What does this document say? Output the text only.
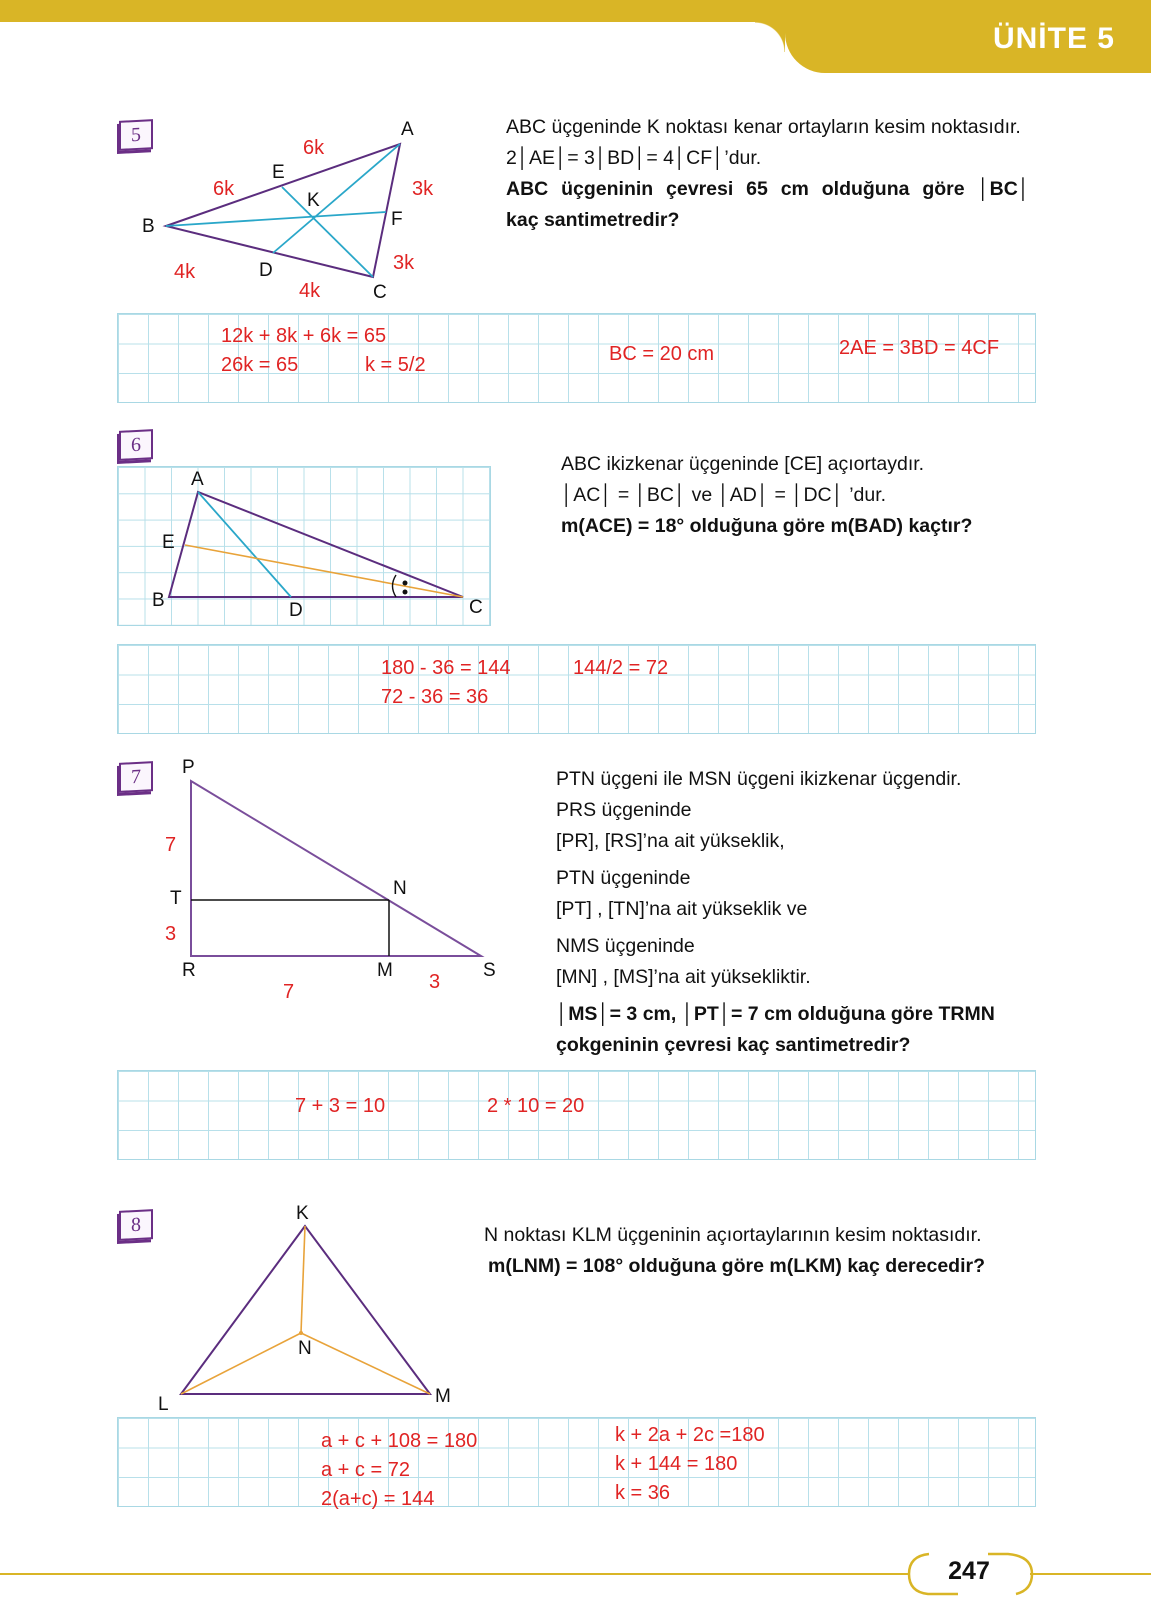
ÜNİTE 5
5	A
B
C
D
E
F
K
6k
6k	3k
3k
4k
4k
ABC üçgeninde K noktası kenar ortayların kesim noktasıdır.
2│AE│= 3│BD│= 4│CF│’dur.
ABC üçgeninin çevresi 65 cm olduğuna göre │BC│
kaç santimetredir?
12k + 8k + 6k = 65
26k = 65	k = 5/2	BC = 20 cm	2AE = 3BD = 4CF
6
A
B	C
D
E
ABC ikizkenar üçgeninde [CE] açıortaydır.
│AC│ = │BC│ ve │AD│ = │DC│ ’dur.
m(ACE) = 18° olduğuna göre m(BAD) kaçtır?
180 - 36 = 144
72 - 36 = 36
144/2 = 72
7	P
T
R	M	S
N
7
3
7	3
PTN üçgeni ile MSN üçgeni ikizkenar üçgendir.
PRS üçgeninde
[PR], [RS]’na ait yükseklik,
PTN üçgeninde
[PT] , [TN]’na ait yükseklik ve
NMS üçgeninde
[MN] , [MS]’na ait yüksekliktir.
│MS│= 3 cm, │PT│= 7 cm olduğuna göre TRMN
çokgeninin çevresi kaç santimetredir?
7 + 3 = 10	2 * 10 = 20
8
K
L	M
N
N noktası KLM üçgeninin açıortaylarının kesim noktasıdır.
m(LNM) = 108° olduğuna göre m(LKM) kaç derecedir?
a + c + 108 = 180
a + c = 72
2(a+c) = 144
k + 2a + 2c =180
k + 144 = 180
k = 36
247
